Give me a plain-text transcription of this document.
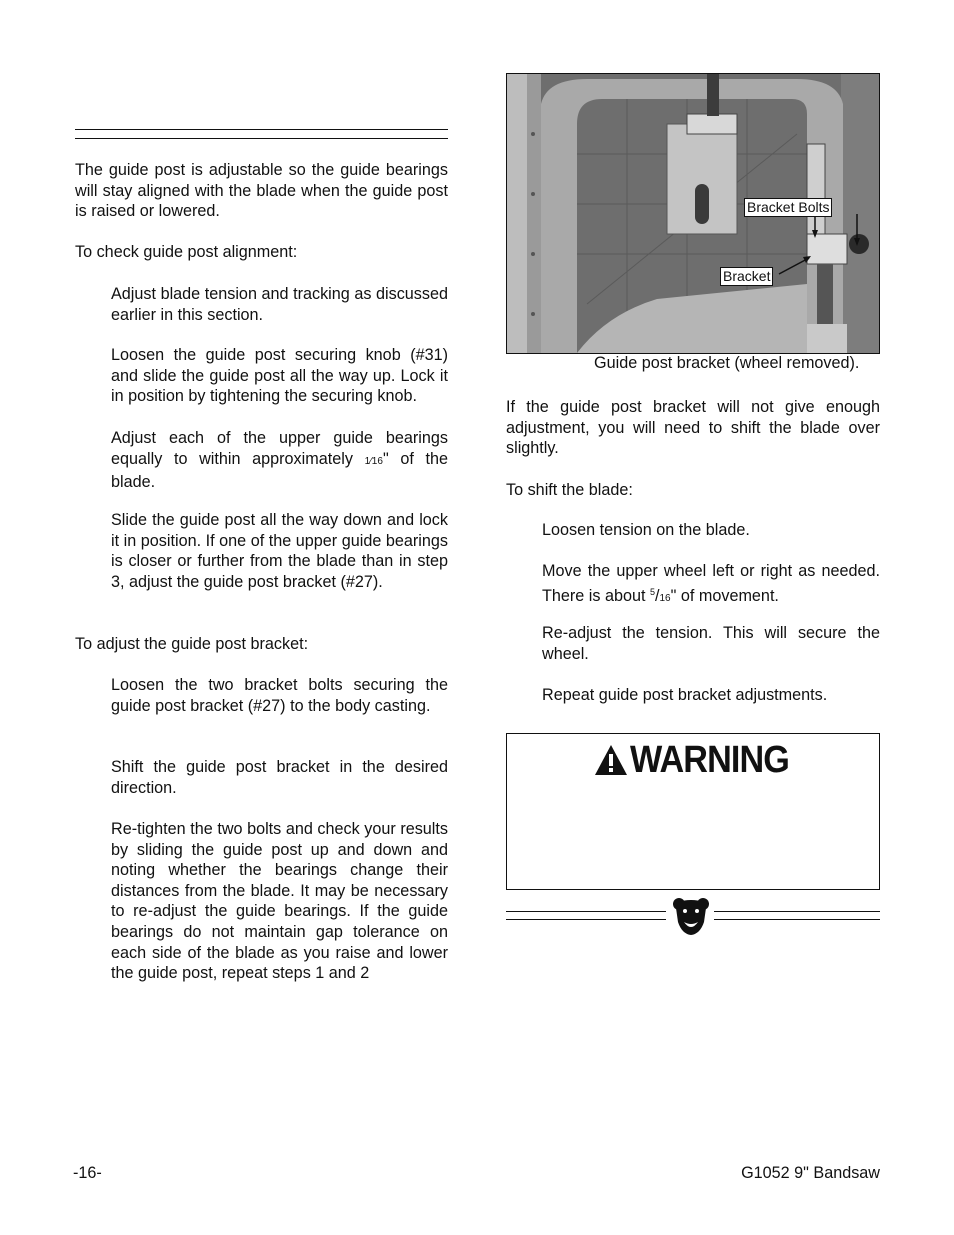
The guide post is adjustable so the guide bearings will stay aligned with the blade when the guide post is raised or lowered.

To check guide post alignment:

Adjust blade tension and tracking as discussed earlier in this section.

Loosen the guide post securing knob (#31) and slide the guide post all the way up. Lock it in position by tightening the securing knob.

Adjust each of the upper guide bearings equally to within approximately 1⁄16" of the blade.

Slide the guide post all the way down and lock it in position. If one of the upper guide bearings is closer or further from the blade than in step 3, adjust the guide post bracket (#27).

To adjust the guide post bracket:

Loosen the two bracket bolts securing the guide post bracket (#27) to the body casting.

Shift the guide post bracket in the desired direction.

Re-tighten the two bolts and check your results by sliding the guide post up and down and noting whether the bearings change their distances from the blade. It may be necessary to re-adjust the guide bearings. If the guide bearings do not maintain gap tolerance on each side of the blade as you raise and lower the guide post, repeat steps 1 and 2

-16-
Bracket Bolts
Bracket
Guide post bracket (wheel removed).

If the guide post bracket will not give enough adjustment, you will need to shift the blade over slightly.

To shift the blade:

Loosen tension on the blade.

Move the upper wheel left or right as needed. There is about $^5$/16" of movement.

Re-adjust the tension. This will secure the wheel.

Repeat guide post bracket adjustments.

WARNING
G1052 9" Bandsaw
